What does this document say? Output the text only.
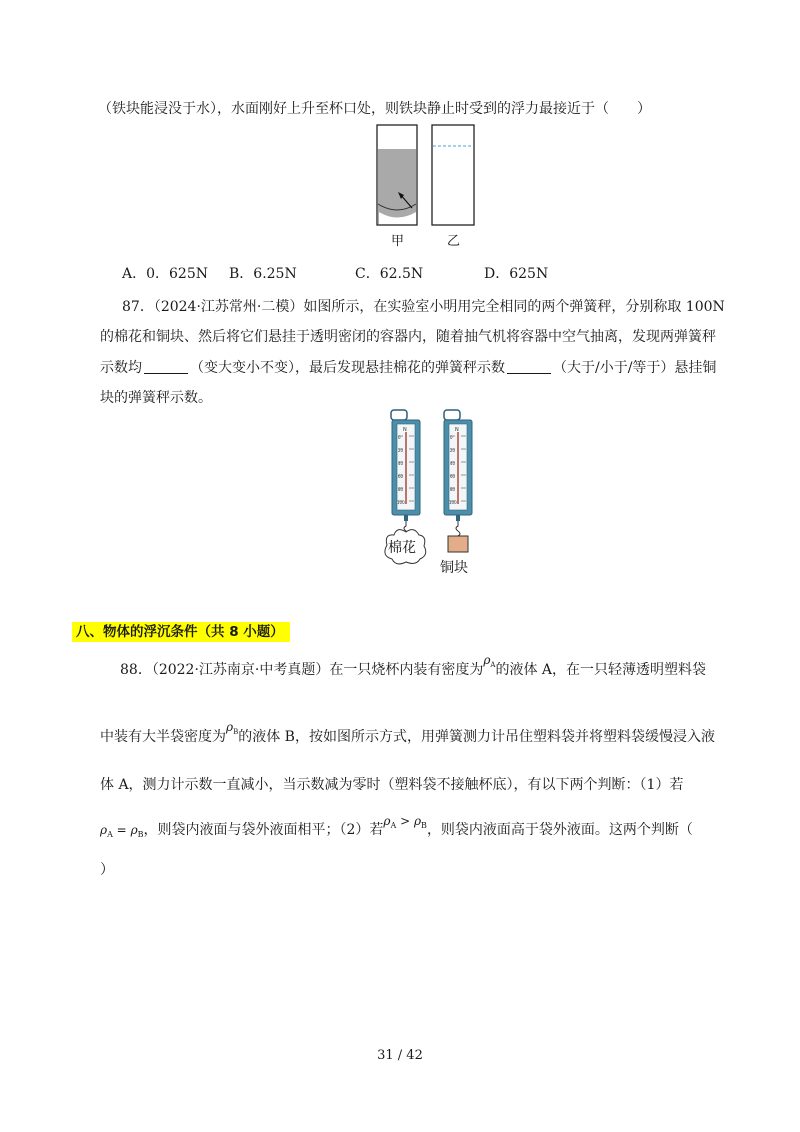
（铁块能浸没于水），水面刚好上升至杯口处，则铁块静止时受到的浮力最接近于（　　）
甲	乙
A．0．625N B．6.25N	C．62.5N	D．625N
87．（2024·江苏常州·二模）如图所示，在实验室小明用完全相同的两个弹簧秤，分别称取 100N
的棉花和铜块、然后将它们悬挂于透明密闭的容器内，随着抽气机将容器中空气抽离，发现两弹簧秤
示数均	（变大变小不变），最后发现悬挂棉花的弹簧秤示数	（大于/小于/等于）悬挂铜
块的弹簧秤示数。
N
0
20
40
60
80
100
N
0
20
40
60
80
100
棉花
铜块
八、物体的浮沉条件（共 8 小题）
88．（2022·江苏南京·中考真题）在一只烧杯内装有密度为$\rho_A$的液体 A，在一只轻薄透明塑料袋
中装有大半袋密度为$\rho_B$的液体 B，按如图所示方式，用弹簧测力计吊住塑料袋并将塑料袋缓慢浸入液
体 A，测力计示数一直减小，当示数减为零时（塑料袋不接触杯底），有以下两个判断：（1）若
$\rho_A = \rho_B$，则袋内液面与袋外液面相平；（2）若$\rho_A > \rho_B$，则袋内液面高于袋外液面。这两个判断（
）
31 / 42
